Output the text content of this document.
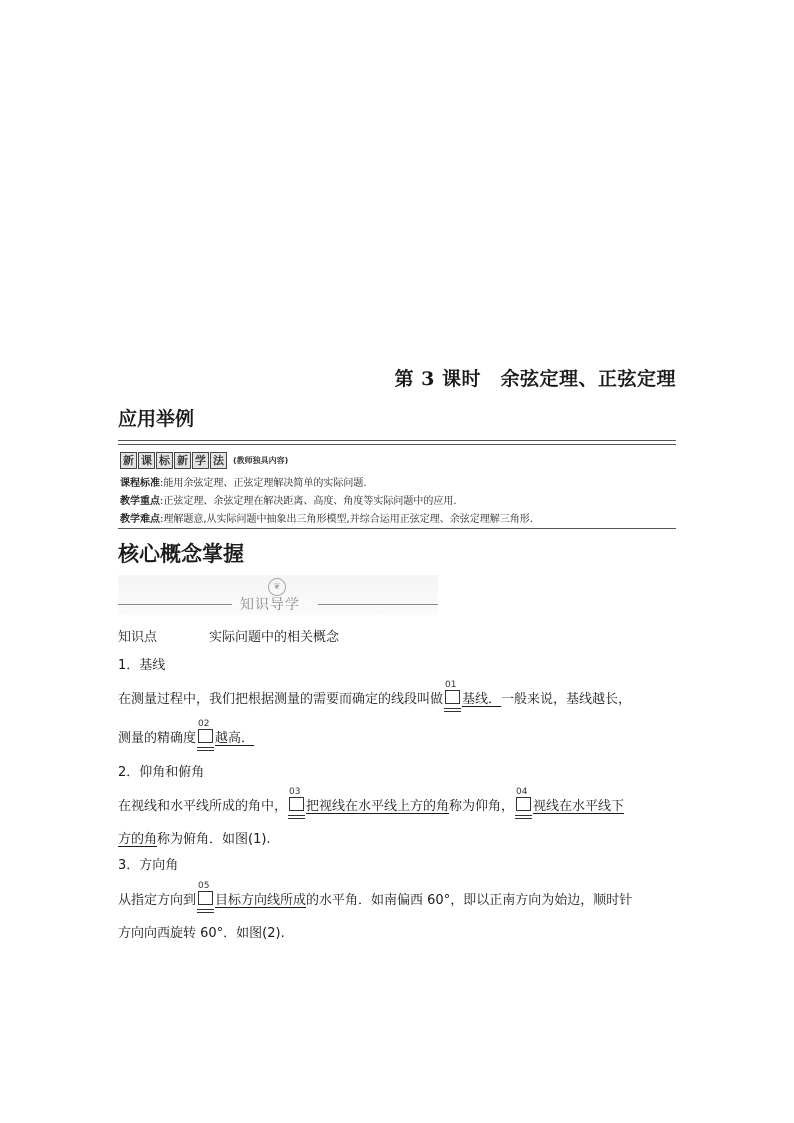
第 3 课时　余弦定理、正弦定理
应用举例
新 课 标 新 学 法	(教师独具内容)
课程标准:能用余弦定理、正弦定理解决简单的实际问题.
教学重点:正弦定理、余弦定理在解决距离、高度、角度等实际问题中的应用.
教学难点:理解题意,从实际问题中抽象出三角形模型,并综合运用正弦定理、余弦定理解三角形.
核心概念掌握
❦
知识导学
知识点	实际问题中的相关概念
1．基线
在测量过程中，我们把根据测量的需要而确定的线段叫做
01
基线．一般来说，基线越长，
测量的精确度
02
越高．
2．仰角和俯角
在视线和水平线所成的角中，
03
把视线在水平线上方的角称为仰角，
04
视线在水平线下
方的角称为俯角．如图(1).
3．方向角
从指定方向到
05
目标方向线所成的水平角．如南偏西 60°，即以正南方向为始边，顺时针
方向向西旋转 60°．如图(2).
